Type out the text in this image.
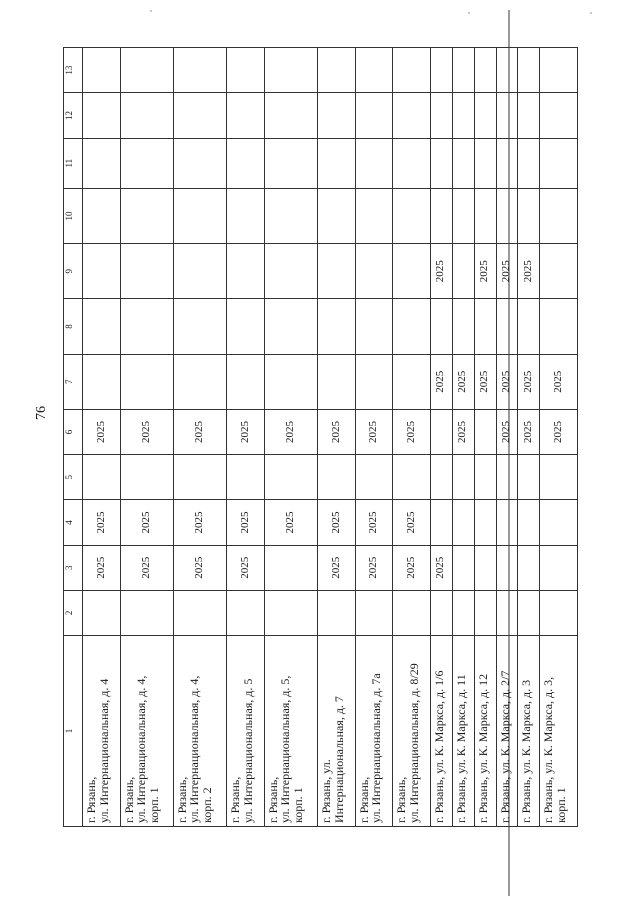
76
1	2	3	4	5	6	7	8	9	10	11	12	13
г. Рязань,
ул. Интернациональная, д. 4		2025	2025		2025							
г. Рязань,
ул. Интернациональная, д. 4,
корп. 1		2025	2025		2025							
г. Рязань,
ул. Интернациональная, д. 4,
корп. 2		2025	2025		2025							
г. Рязань,
ул. Интернациональная, д. 5		2025	2025		2025							
г. Рязань,
ул. Интернациональная, д. 5,
корп. 1			2025		2025							
г. Рязань, ул.
Интернациональная, д. 7		2025	2025		2025							
г. Рязань,
ул. Интернациональная, д. 7а		2025	2025		2025							
г. Рязань,
ул. Интернациональная, д. 8/29		2025	2025		2025							
г. Рязань, ул. К. Маркса, д. 1/6		2025				2025		2025				
г. Рязань, ул. К. Маркса, д. 11					2025	2025						
г. Рязань, ул. К. Маркса, д. 12						2025		2025				
г. Рязань, ул. К. Маркса, д. 2/7					2025	2025		2025				
г. Рязань, ул. К. Маркса, д. 3					2025	2025		2025				
г. Рязань, ул. К. Маркса, д. 3,
корп. 1					2025	2025						
